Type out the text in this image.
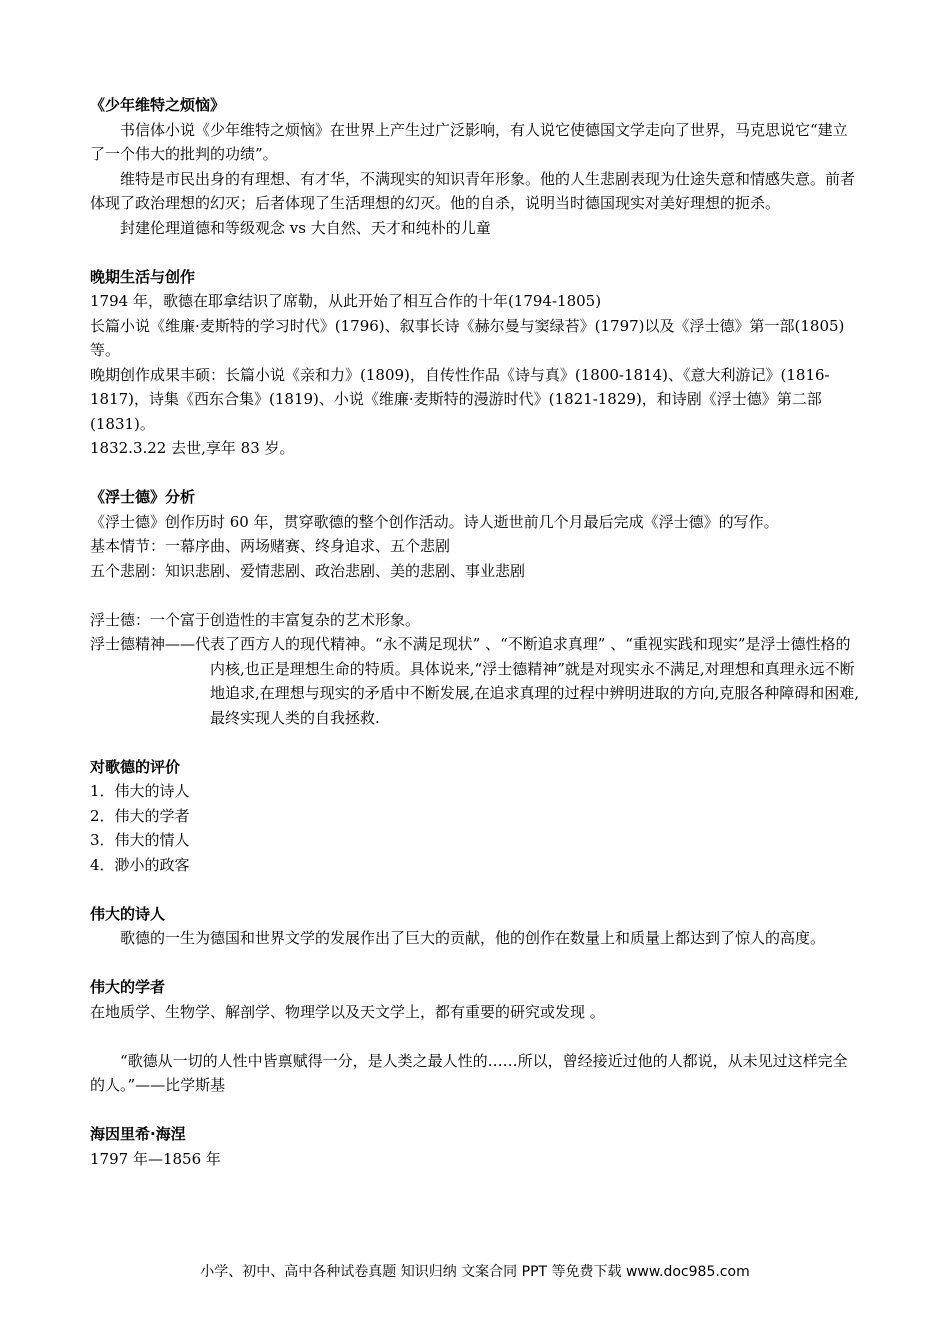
《少年维特之烦恼》
书信体小说《少年维特之烦恼》在世界上产生过广泛影响，有人说它使德国文学走向了世界，马克思说它“建立了一个伟大的批判的功绩”。
维特是市民出身的有理想、有才华，不满现实的知识青年形象。他的人生悲剧表现为仕途失意和情感失意。前者体现了政治理想的幻灭；后者体现了生活理想的幻灭。他的自杀，说明当时德国现实对美好理想的扼杀。
封建伦理道德和等级观念 vs 大自然、天才和纯朴的儿童
晚期生活与创作
1794 年，歌德在耶拿结识了席勒，从此开始了相互合作的十年(1794-1805)
长篇小说《维廉·麦斯特的学习时代》(1796)、叙事长诗《赫尔曼与窦绿苔》(1797)以及《浮士德》第一部(1805)等。
晚期创作成果丰硕：长篇小说《亲和力》(1809)，自传性作品《诗与真》(1800-1814)、《意大利游记》(1816-1817)，诗集《西东合集》(1819)、小说《维廉·麦斯特的漫游时代》(1821-1829)，和诗剧《浮士德》第二部(1831)。
1832.3.22 去世,享年 83 岁。
《浮士德》分析
《浮士德》创作历时 60 年，贯穿歌德的整个创作活动。诗人逝世前几个月最后完成《浮士德》的写作。
基本情节：一幕序曲、两场赌赛、终身追求、五个悲剧
五个悲剧：知识悲剧、爱情悲剧、政治悲剧、美的悲剧、事业悲剧
浮士德：一个富于创造性的丰富复杂的艺术形象。
浮士德精神——代表了西方人的现代精神。“永不满足现状” 、“不断追求真理” 、“重视实践和现实”是浮士德性格的内核,也正是理想生命的特质。具体说来,“浮士德精神”就是对现实永不满足,对理想和真理永远不断地追求,在理想与现实的矛盾中不断发展,在追求真理的过程中辨明进取的方向,克服各种障碍和困难,最终实现人类的自我拯救.
对歌德的评价
1．伟大的诗人
2．伟大的学者
3．伟大的情人
4．渺小的政客
伟大的诗人
歌德的一生为德国和世界文学的发展作出了巨大的贡献，他的创作在数量上和质量上都达到了惊人的高度。
伟大的学者
在地质学、生物学、解剖学、物理学以及天文学上，都有重要的研究或发现 。
“歌德从一切的人性中皆禀赋得一分，是人类之最人性的……所以，曾经接近过他的人都说，从未见过这样完全的人。”——比学斯基
海因里希·海涅
1797 年—1856 年
小学、初中、高中各种试卷真题 知识归纳 文案合同 PPT 等免费下载 www.doc985.com
